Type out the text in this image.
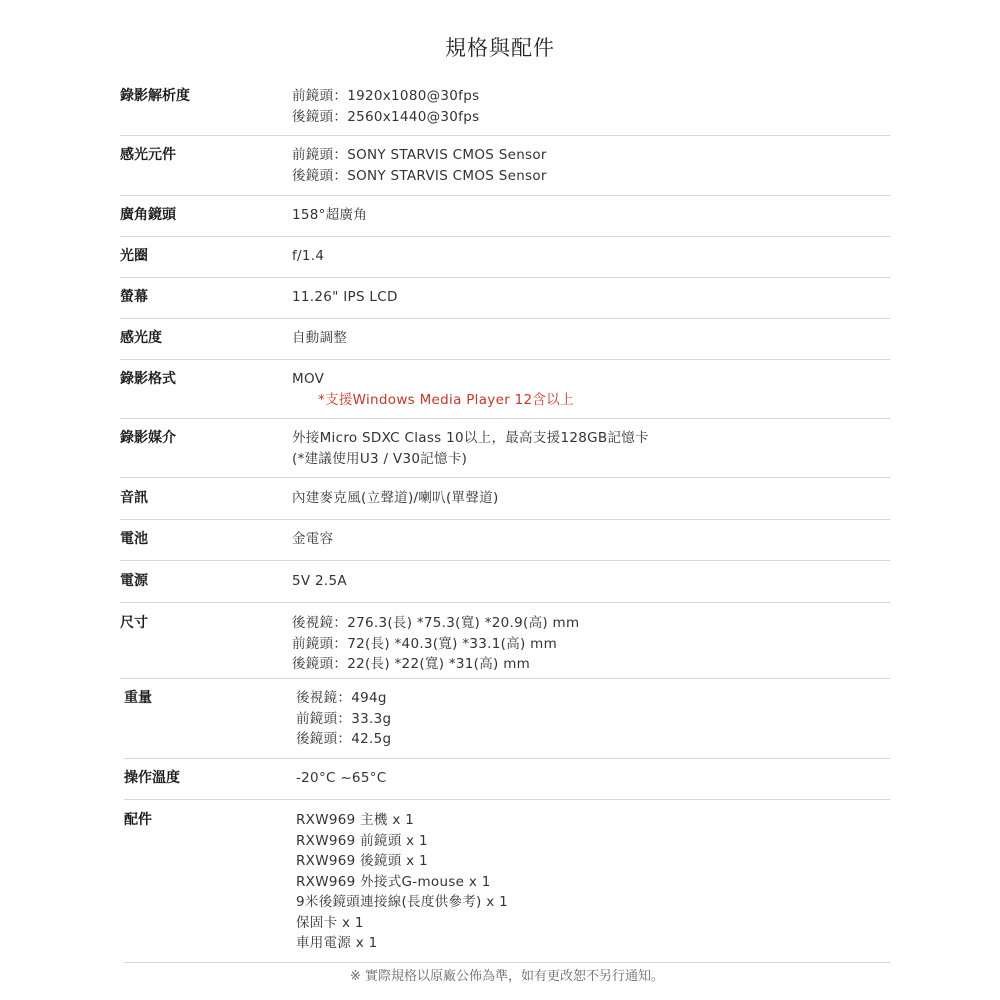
規格與配件
錄影解析度	前鏡頭：1920x1080@30fps
後鏡頭：2560x1440@30fps
感光元件	前鏡頭：SONY STARVIS CMOS Sensor
後鏡頭：SONY STARVIS CMOS Sensor
廣角鏡頭	158°超廣角
光圈	f/1.4
螢幕	11.26" IPS LCD
感光度	自動調整
錄影格式	MOV
*支援Windows Media Player 12含以上
錄影媒介	外接Micro SDXC Class 10以上，最高支援128GB記憶卡
(*建議使用U3 / V30記憶卡)
音訊	內建麥克風(立聲道)/喇叭(單聲道)
電池	金電容
電源	5V 2.5A
尺寸	後視鏡：276.3(長) *75.3(寬) *20.9(高) mm
前鏡頭：72(長) *40.3(寬) *33.1(高) mm
後鏡頭：22(長) *22(寬) *31(高) mm
重量	後視鏡：494g
前鏡頭：33.3g
後鏡頭：42.5g
操作溫度	-20°C ~65°C
配件	RXW969 主機 x 1
RXW969 前鏡頭 x 1
RXW969 後鏡頭 x 1
RXW969 外接式G-mouse x 1
9米後鏡頭連接線(長度供參考) x 1
保固卡 x 1
車用電源 x 1
※ 實際規格以原廠公佈為準，如有更改恕不另行通知。
